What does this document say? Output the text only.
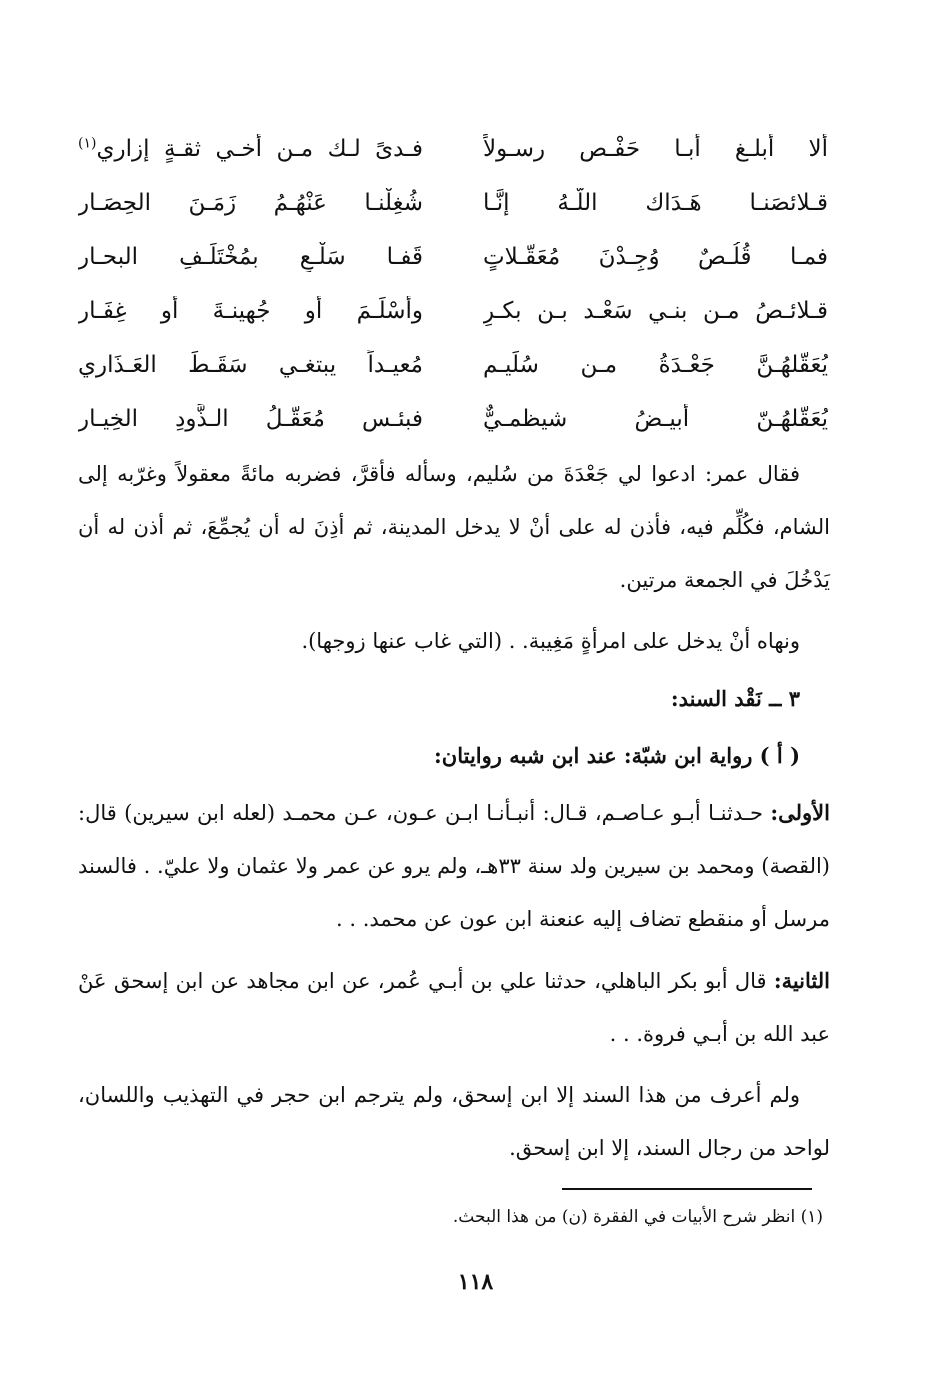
ألا أبلـغ أبـا حَفْـص رسـولاً
فـدىً لـك مـن أخـي ثقـةٍ إزاري$^{(١)}$
قـلائصَنـا هَـدَاك اللَّـهُ إنَّـا
شُغِلْنـا عَنْهُـمُ زَمَـنَ الحِصَـار
فمـا قُلُـصٌ وُجِـدْنَ مُعَقّـلاتٍ
قَفـا سَلْـعٍ بمُخْتَلَـفِ البحـار
قـلائـصُ مـن بنـي سَعْـد بـن بكـرٍ
وأسْلَـمَ أو جُهينـةَ أو غِفَـار
يُعَقّلهُـنَّ جَعْـدَةُ مـن سُلَيـم
مُعيـداً يبتغـي سَقَـطَ العَـذَاري
يُعَقّلهُـنّ أبيـضُ شيظمـيٌّ
فبئـس مُعَقّـلُ الـذَّودِ الخِيـار

فقال عمر: ادعوا لي جَعْدَةَ من سُليم، وسأله فأقرَّ، فضربه مائةً معقولاً وغرّبه إلى الشام، فكُلِّم فيه، فأذن له على أنْ لا يدخل المدينة، ثم أذِنَ له أن يُجمِّعَ، ثم أذن له أن يَدْخُلَ في الجمعة مرتين.

ونهاه أنْ يدخل على امرأةٍ مَغِيبة. . (التي غاب عنها زوجها).

٣ ــ نَقْد السند:
( أ ) رواية ابن شبّة: عند ابن شبه روايتان:

الأولى: حـدثنـا أبـو عـاصـم، قـال: أنبـأنـا ابـن عـون، عـن محمـد (لعله ابن سيرين) قال: (القصة) ومحمد بن سيرين ولد سنة ٣٣هـ، ولم يرو عن عمر ولا عثمان ولا عليّ. . فالسند مرسل أو منقطع تضاف إليه عنعنة ابن عون عن محمد. . .

الثانية: قال أبو بكر الباهلي، حدثنا علي بن أبـي عُمر، عن ابن مجاهد عن ابن إسحق عَنْ عبد الله بن أبـي فروة. . .

ولم أعرف من هذا السند إلا ابن إسحق، ولم يترجم ابن حجر في التهذيب واللسان، لواحد من رجال السند، إلا ابن إسحق.

(١) انظر شرح الأبيات في الفقرة (ن) من هذا البحث.
١١٨
